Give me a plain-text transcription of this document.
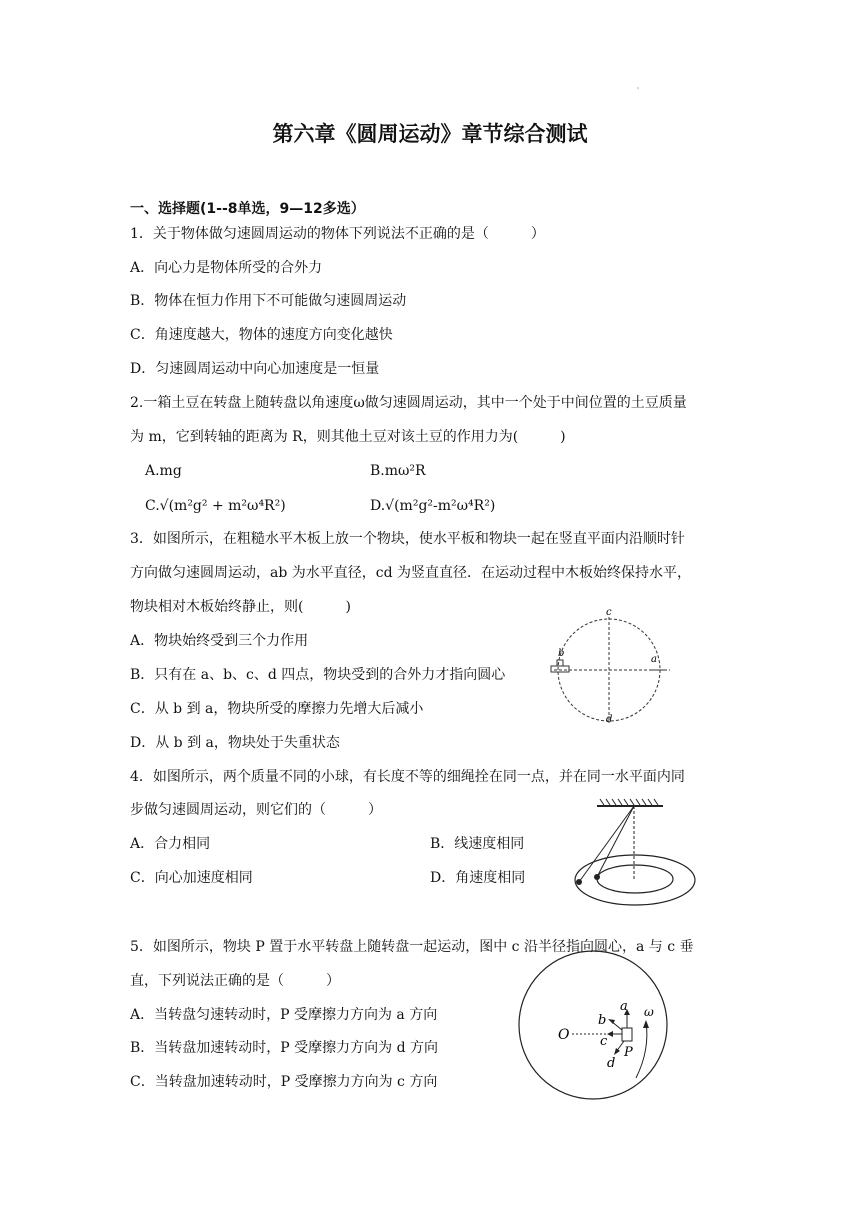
'
第六章《圆周运动》章节综合测试
一、选择题(1--8单选，9—12多选）
1．关于物体做匀速圆周运动的物体下列说法不正确的是（　　　）
A．向心力是物体所受的合外力
B．物体在恒力作用下不可能做匀速圆周运动
C．角速度越大，物体的速度方向变化越快
D．匀速圆周运动中向心加速度是一恒量
2.一箱土豆在转盘上随转盘以角速度ω做匀速圆周运动，其中一个处于中间位置的土豆质量
为 m，它到转轴的距离为 R，则其他土豆对该土豆的作用力为(　　　)
A.mg	B.mω²R
C.√(m²g² + m²ω⁴R²)	D.√(m²g²-m²ω⁴R²)
3．如图所示，在粗糙水平木板上放一个物块，使水平板和物块一起在竖直平面内沿顺时针
方向做匀速圆周运动，ab 为水平直径，cd 为竖直直径．在运动过程中木板始终保持水平，
物块相对木板始终静止，则(　　　)
A．物块始终受到三个力作用
B．只有在 a、b、c、d 四点，物块受到的合外力才指向圆心
C．从 b 到 a，物块所受的摩擦力先增大后减小
D．从 b 到 a，物块处于失重状态
b
a
c
d
4．如图所示，两个质量不同的小球，有长度不等的细绳拴在同一点，并在同一水平面内同
步做匀速圆周运动，则它们的（　　　）
A．合力相同	B．线速度相同
C．向心加速度相同	D．角速度相同
5．如图所示，物块 P 置于水平转盘上随转盘一起运动，图中 c 沿半径指向圆心，a 与 c 垂
直，下列说法正确的是（　　　）
A．当转盘匀速转动时，P 受摩擦力方向为 a 方向
B．当转盘加速转动时，P 受摩擦力方向为 d 方向
C．当转盘加速转动时，P 受摩擦力方向为 c 方向
O
a
b
c
d
P
ω
